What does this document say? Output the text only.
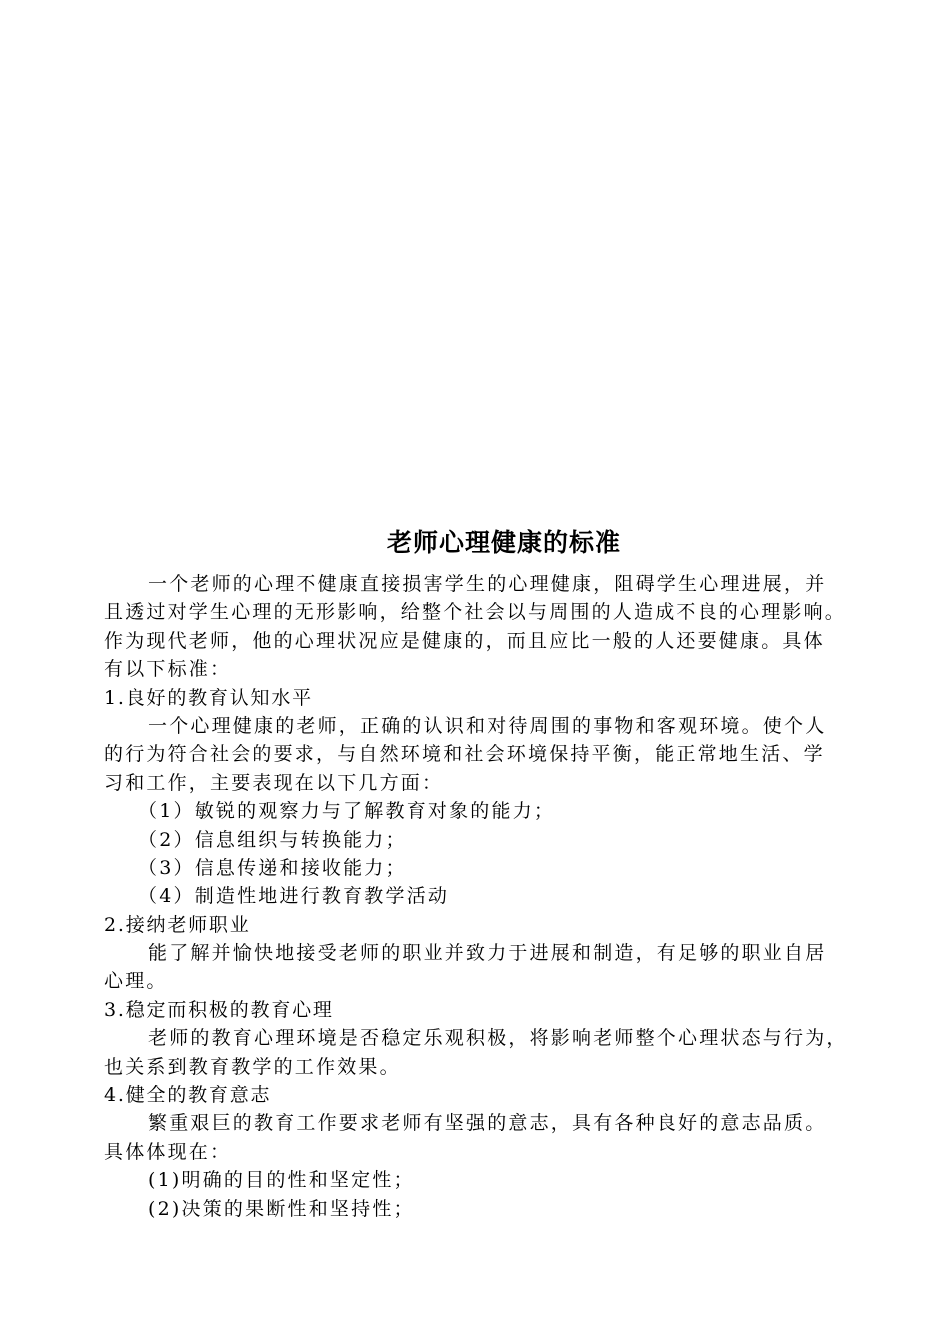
老师心理健康的标准
一个老师的心理不健康直接损害学生的心理健康，阻碍学生心理进展，并
且透过对学生心理的无形影响，给整个社会以与周围的人造成不良的心理影响。
作为现代老师，他的心理状况应是健康的，而且应比一般的人还要健康。具体
有以下标准：
1.良好的教育认知水平
一个心理健康的老师，正确的认识和对待周围的事物和客观环境。使个人
的行为符合社会的要求，与自然环境和社会环境保持平衡，能正常地生活、学
习和工作，主要表现在以下几方面：
（1）敏锐的观察力与了解教育对象的能力；
（2）信息组织与转换能力；
（3）信息传递和接收能力；
（4）制造性地进行教育教学活动
2.接纳老师职业
能了解并愉快地接受老师的职业并致力于进展和制造，有足够的职业自居
心理。
3.稳定而积极的教育心理
老师的教育心理环境是否稳定乐观积极，将影响老师整个心理状态与行为，
也关系到教育教学的工作效果。
4.健全的教育意志
繁重艰巨的教育工作要求老师有坚强的意志，具有各种良好的意志品质。
具体体现在：
(1)明确的目的性和坚定性；
(2)决策的果断性和坚持性；
